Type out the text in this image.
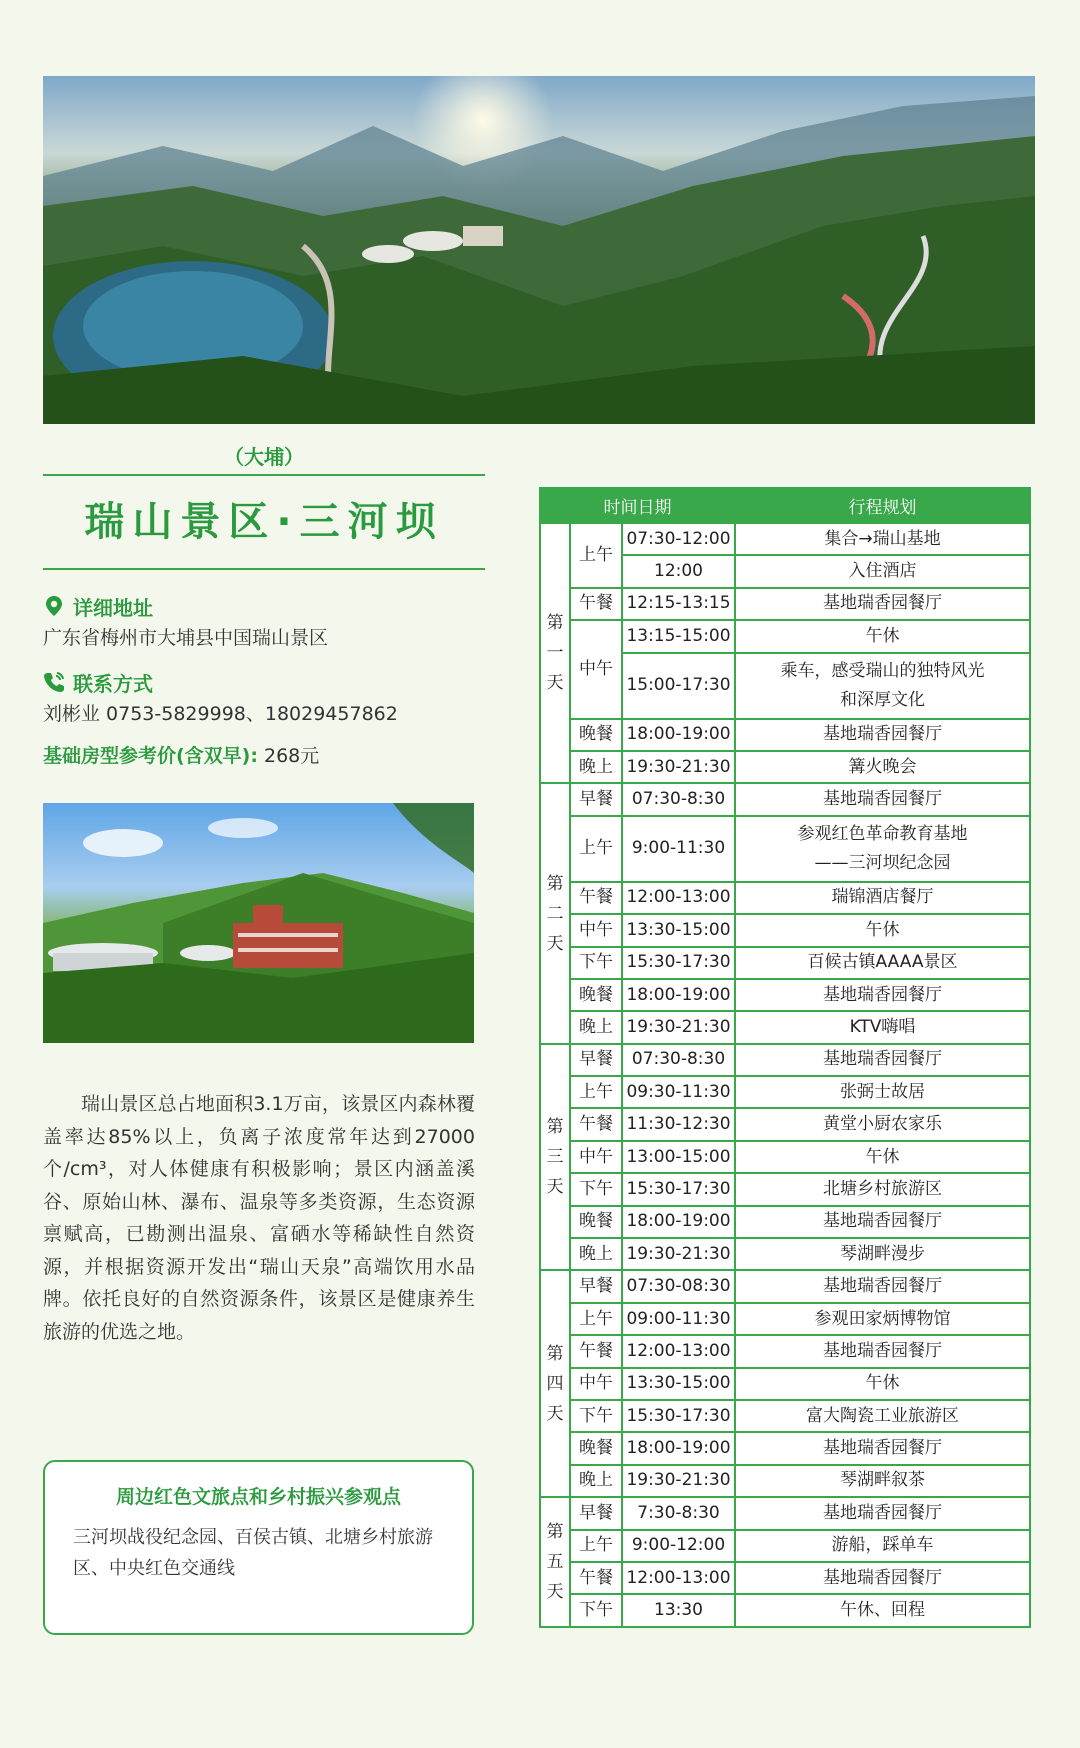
（大埔）
瑞山景区·三河坝
详细地址
广东省梅州市大埔县中国瑞山景区
联系方式
刘彬业 0753-5829998、18029457862
基础房型参考价(含双早): 268元
瑞山景区总占地面积3.1万亩，该景区内森林覆盖率达85%以上，负离子浓度常年达到27000个/cm³，对人体健康有积极影响；景区内涵盖溪谷、原始山林、瀑布、温泉等多类资源，生态资源禀赋高，已勘测出温泉、富硒水等稀缺性自然资源，并根据资源开发出“瑞山天泉”高端饮用水品牌。依托良好的自然资源条件，该景区是健康养生旅游的优选之地。
周边红色文旅点和乡村振兴参观点
三河坝战役纪念园、百侯古镇、北塘乡村旅游区、中央红色交通线
时间日期			行程规划

第
一
天	上午	07:30-12:00	集合→瑞山基地
		12:00	入住酒店
	午餐	12:15-13:15	基地瑞香园餐厅
	中午	13:15-15:00	午休
		15:00-17:30	乘车，感受瑞山的独特风光
和深厚文化

	晚餐	18:00-19:00	基地瑞香园餐厅
	晚上	19:30-21:30	篝火晚会

第
二
天	早餐	07:30-8:30	基地瑞香园餐厅
	上午	9:00-11:30	参观红色革命教育基地
——三河坝纪念园

	午餐	12:00-13:00	瑞锦酒店餐厅
	中午	13:30-15:00	午休
	下午	15:30-17:30	百候古镇AAAA景区
	晚餐	18:00-19:00	基地瑞香园餐厅
	晚上	19:30-21:30	KTV嗨唱

第
三
天	早餐	07:30-8:30	基地瑞香园餐厅
	上午	09:30-11:30	张弼士故居
	午餐	11:30-12:30	黄堂小厨农家乐
	中午	13:00-15:00	午休
	下午	15:30-17:30	北塘乡村旅游区
	晚餐	18:00-19:00	基地瑞香园餐厅
	晚上	19:30-21:30	琴湖畔漫步

第
四
天	早餐	07:30-08:30	基地瑞香园餐厅
	上午	09:00-11:30	参观田家炳博物馆
	午餐	12:00-13:00	基地瑞香园餐厅
	中午	13:30-15:00	午休
	下午	15:30-17:30	富大陶瓷工业旅游区
	晚餐	18:00-19:00	基地瑞香园餐厅
	晚上	19:30-21:30	琴湖畔叙茶

第
五
天	早餐	7:30-8:30	基地瑞香园餐厅
	上午	9:00-12:00	游船，踩单车
	午餐	12:00-13:00	基地瑞香园餐厅
	下午	13:30	午休、回程
